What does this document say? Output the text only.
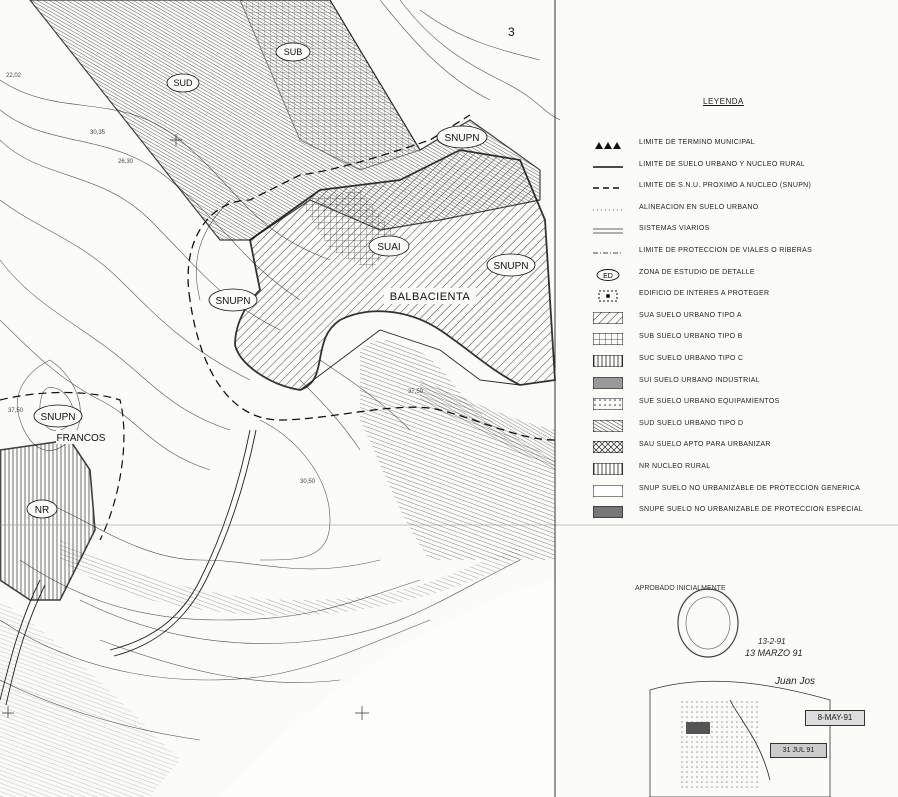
SUB
SUD
SNUPN
SUAI
SNUPN
SNUPN	BALBACIENTA
SNUPN
FRANCOS
NR
3
30,35
26,30
37,50
30,50
37,50
22,02
LEYENDA
LIMITE DE TERMINO MUNICIPAL
LIMITE DE SUELO URBANO Y NUCLEO RURAL
LIMITE DE S.N.U. PROXIMO A NUCLEO (SNUPN)
ALINEACION EN SUELO URBANO
SISTEMAS VIARIOS
LIMITE DE PROTECCION DE VIALES O RIBERAS
ED
ZONA DE ESTUDIO DE DETALLE
EDIFICIO DE INTERES A PROTEGER
SUA SUELO URBANO TIPO A
SUB SUELO URBANO TIPO B
SUC SUELO URBANO TIPO C
SUI SUELO URBANO INDUSTRIAL
SUE SUELO URBANO EQUIPAMIENTOS
SUD SUELO URBANO TIPO D
SAU SUELO APTO PARA URBANIZAR
NR NUCLEO RURAL
SNUP SUELO NO URBANIZABLE DE PROTECCION GENERICA
SNUPE SUELO NO URBANIZABLE DE PROTECCION ESPECIAL
APROBADO INICIALMENTE
13-2-91
13 MARZO 91
Juan Jos
8-MAY-91
31 JUL 91
